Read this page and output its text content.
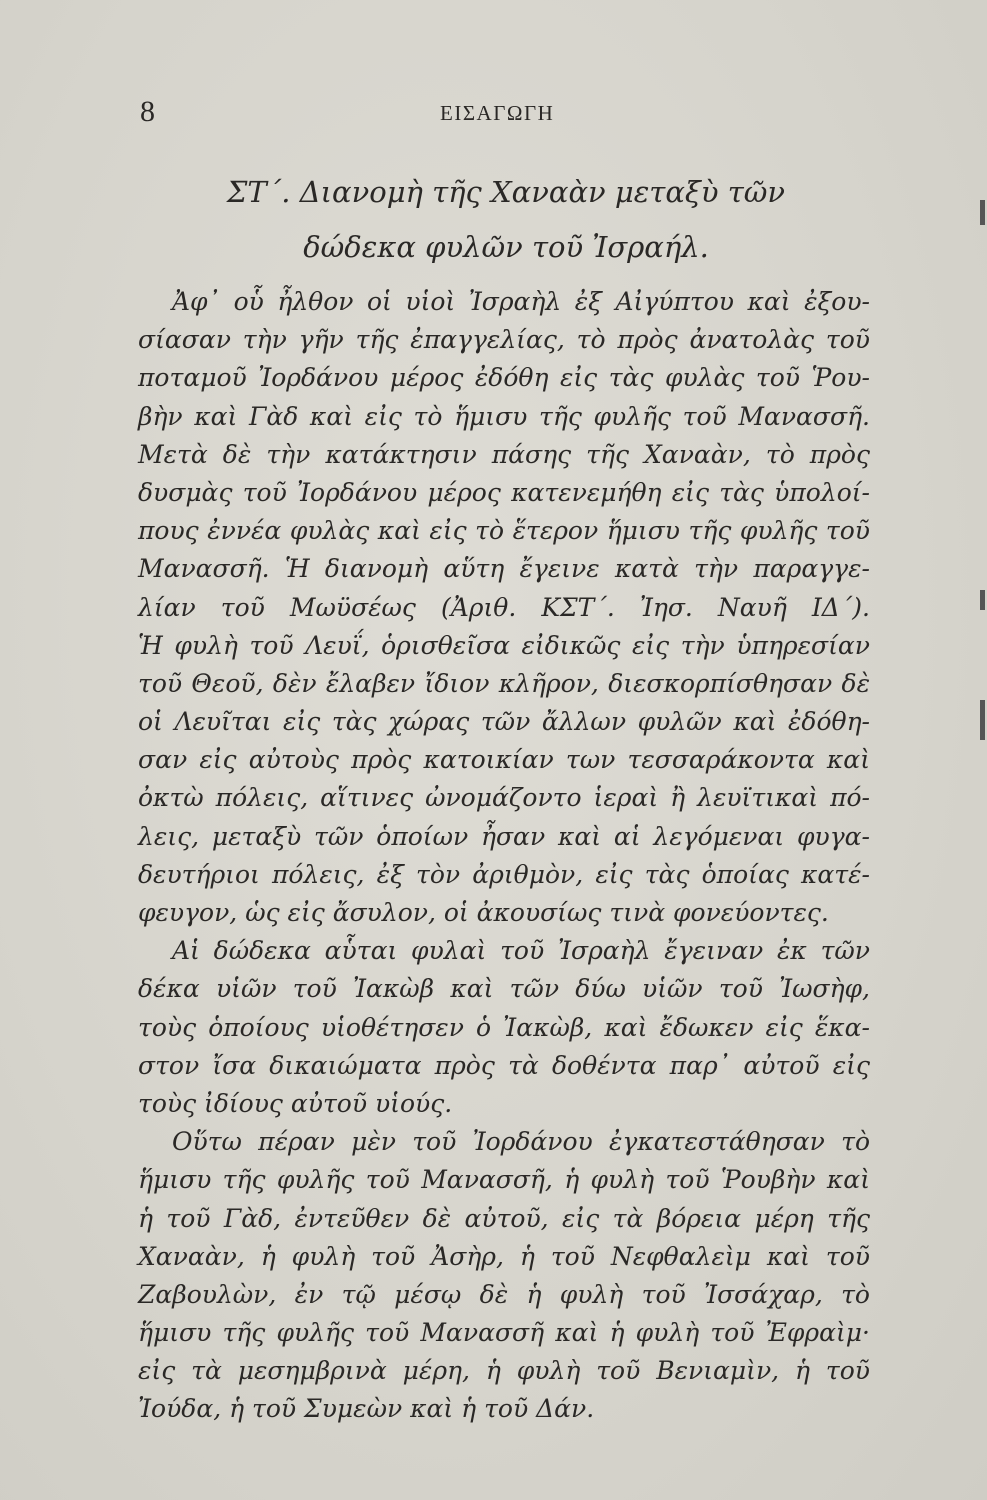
8	ΕΙΣΑΓΩΓΗ
ΣΤ΄. Διανομὴ τῆς Χαναὰν μεταξὺ τῶν
δώδεκα φυλῶν τοῦ Ἰσραήλ.
Ἀφ᾿ οὗ ἦλθον οἱ υἱοὶ Ἰσραὴλ ἐξ Αἰγύπτου καὶ ἐξου-
σίασαν τὴν γῆν τῆς ἐπαγγελίας, τὸ πρὸς ἀνατολὰς τοῦ
ποταμοῦ Ἰορδάνου μέρος ἐδόθη εἰς τὰς φυλὰς τοῦ Ῥου-
βὴν καὶ Γὰδ καὶ εἰς τὸ ἥμισυ τῆς φυλῆς τοῦ Μανασσῆ.
Μετὰ δὲ τὴν κατάκτησιν πάσης τῆς Χαναὰν, τὸ πρὸς
δυσμὰς τοῦ Ἰορδάνου μέρος κατενεμήθη εἰς τὰς ὑπολοί-
πους ἐννέα φυλὰς καὶ εἰς τὸ ἕτερον ἥμισυ τῆς φυλῆς τοῦ
Μανασσῆ. Ἡ διανομὴ αὕτη ἔγεινε κατὰ τὴν παραγγε-
λίαν τοῦ Μωϋσέως (Ἀριθ. ΚΣΤ΄. Ἰησ. Ναυῆ ΙΔ΄).
Ἡ φυλὴ τοῦ Λευΐ, ὁρισθεῖσα εἰδικῶς εἰς τὴν ὑπηρεσίαν
τοῦ Θεοῦ, δὲν ἔλαβεν ἴδιον κλῆρον, διεσκορπίσθησαν δὲ
οἱ Λευῖται εἰς τὰς χώρας τῶν ἄλλων φυλῶν καὶ ἐδόθη-
σαν εἰς αὐτοὺς πρὸς κατοικίαν των τεσσαράκοντα καὶ
ὀκτὼ πόλεις, αἵτινες ὠνομάζοντο ἱεραὶ ἢ λευϊτικαὶ πό-
λεις, μεταξὺ τῶν ὁποίων ἦσαν καὶ αἱ λεγόμεναι φυγα-
δευτήριοι πόλεις, ἐξ τὸν ἀριθμὸν, εἰς τὰς ὁποίας κατέ-
φευγον, ὡς εἰς ἄσυλον, οἱ ἀκουσίως τινὰ φονεύοντες.
Αἱ δώδεκα αὗται φυλαὶ τοῦ Ἰσραὴλ ἔγειναν ἐκ τῶν
δέκα υἱῶν τοῦ Ἰακὼβ καὶ τῶν δύω υἱῶν τοῦ Ἰωσὴφ,
τοὺς ὁποίους υἱοθέτησεν ὁ Ἰακὼβ, καὶ ἔδωκεν εἰς ἕκα-
στον ἴσα δικαιώματα πρὸς τὰ δοθέντα παρ᾿ αὐτοῦ εἰς
τοὺς ἰδίους αὐτοῦ υἱούς.
Οὕτω πέραν μὲν τοῦ Ἰορδάνου ἐγκατεστάθησαν τὸ
ἥμισυ τῆς φυλῆς τοῦ Μανασσῆ, ἡ φυλὴ τοῦ Ῥουβὴν καὶ
ἡ τοῦ Γὰδ, ἐντεῦθεν δὲ αὐτοῦ, εἰς τὰ βόρεια μέρη τῆς
Χαναὰν, ἡ φυλὴ τοῦ Ἀσὴρ, ἡ τοῦ Νεφθαλεὶμ καὶ τοῦ
Ζαβουλὼν, ἐν τῷ μέσῳ δὲ ἡ φυλὴ τοῦ Ἰσσάχαρ, τὸ
ἥμισυ τῆς φυλῆς τοῦ Μανασσῆ καὶ ἡ φυλὴ τοῦ Ἐφραὶμ·
εἰς τὰ μεσημβρινὰ μέρη, ἡ φυλὴ τοῦ Βενιαμὶν, ἡ τοῦ
Ἰούδα, ἡ τοῦ Συμεὼν καὶ ἡ τοῦ Δάν.
